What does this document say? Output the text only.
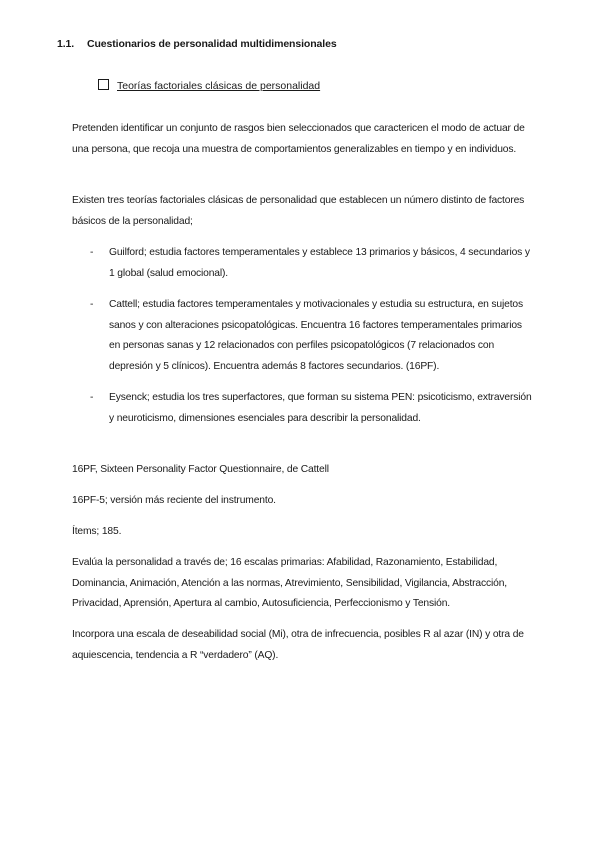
1.1. Cuestionarios de personalidad multidimensionales
Teorías factoriales clásicas de personalidad
Pretenden identificar un conjunto de rasgos bien seleccionados que caractericen el modo de actuar de una persona, que recoja una muestra de comportamientos generalizables en tiempo y en individuos.
Existen tres teorías factoriales clásicas de personalidad que establecen un número distinto de factores básicos de la personalidad;
- Guilford; estudia factores temperamentales y establece 13 primarios y básicos, 4 secundarios y 1 global (salud emocional).
- Cattell; estudia factores temperamentales y motivacionales y estudia su estructura, en sujetos sanos y con alteraciones psicopatológicas. Encuentra 16 factores temperamentales primarios en personas sanas y 12 relacionados con perfiles psicopatológicos (7 relacionados con depresión y 5 clínicos). Encuentra además 8 factores secundarios. (16PF).
- Eysenck; estudia los tres superfactores, que forman su sistema PEN: psicoticismo, extraversión y neuroticismo, dimensiones esenciales para describir la personalidad.
16PF, Sixteen Personality Factor Questionnaire, de Cattell
16PF-5; versión más reciente del instrumento.
Ítems; 185.
Evalúa la personalidad a través de; 16 escalas primarias: Afabilidad, Razonamiento, Estabilidad, Dominancia, Animación, Atención a las normas, Atrevimiento, Sensibilidad, Vigilancia, Abstracción, Privacidad, Aprensión, Apertura al cambio, Autosuficiencia, Perfeccionismo y Tensión.
Incorpora una escala de deseabilidad social (Mi), otra de infrecuencia, posibles R al azar (IN) y otra de aquiescencia, tendencia a R “verdadero” (AQ).
